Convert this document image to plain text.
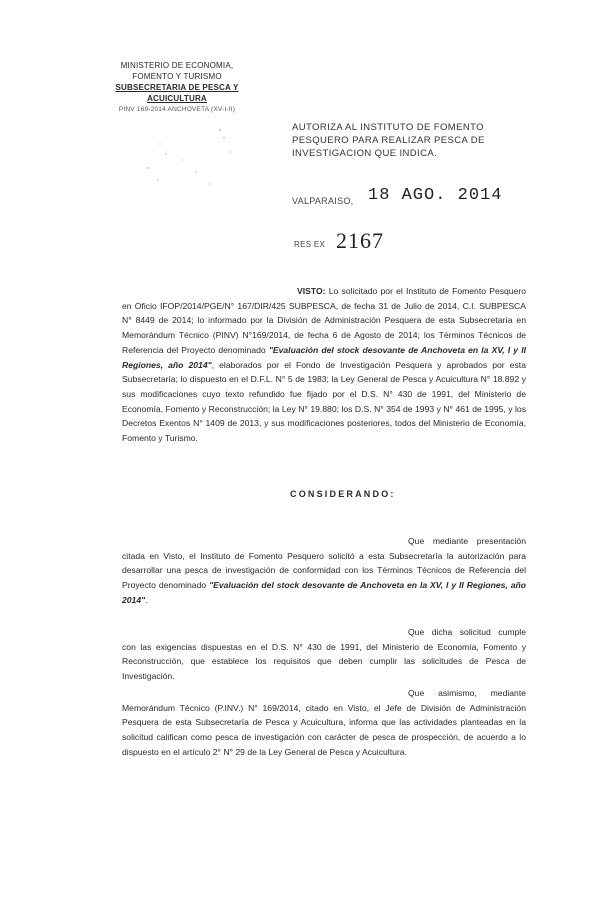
MINISTERIO DE ECONOMIA,
FOMENTO Y TURISMO
SUBSECRETARIA DE PESCA Y ACUICULTURA
PINV 169-2014 ANCHOVETA (XV-I-II)
AUTORIZA AL INSTITUTO DE FOMENTO PESQUERO PARA REALIZAR PESCA DE INVESTIGACION QUE INDICA.
VALPARAISO, 18 AGO. 2014
RES EX 2167
VISTO: Lo solicitado por el Instituto de Fomento Pesquero en Oficio IFOP/2014/PGE/N° 167/DIR/425 SUBPESCA, de fecha 31 de Julio de 2014, C.I. SUBPESCA N° 8449 de 2014; lo informado por la División de Administración Pesquera de esta Subsecretaría en Memorándum Técnico (PINV) N°169/2014, de fecha 6 de Agosto de 2014; los Términos Técnicos de Referencia del Proyecto denominado "Evaluación del stock desovante de Anchoveta en la XV, I y II Regiones, año 2014", elaborados por el Fondo de Investigación Pesquera y aprobados por esta Subsecretaría; lo dispuesto en el D.F.L. N° 5 de 1983; la Ley General de Pesca y Acuicultura N° 18.892 y sus modificaciones cuyo texto refundido fue fijado por el D.S. N° 430 de 1991, del Ministerio de Economía, Fomento y Reconstrucción; la Ley N° 19.880; los D.S. N° 354 de 1993 y N° 461 de 1995, y los Decretos Exentos N° 1409 de 2013, y sus modificaciones posteriores, todos del Ministerio de Economía, Fomento y Turismo.
CONSIDERANDO:
Que mediante presentación citada en Visto, el Instituto de Fomento Pesquero solicitó a esta Subsecretaría la autorización para desarrollar una pesca de investigación de conformidad con los Términos Técnicos de Referencia del Proyecto denominado "Evaluación del stock desovante de Anchoveta en la XV, I y II Regiones, año 2014".
Que dicha solicitud cumple con las exigencias dispuestas en el D.S. N° 430 de 1991, del Ministerio de Economía, Fomento y Reconstrucción, que establece los requisitos que deben cumplir las solicitudes de Pesca de Investigación.
Que asimismo, mediante Memorándum Técnico (P.INV.) N° 169/2014, citado en Visto, el Jefe de División de Administración Pesquera de esta Subsecretaría de Pesca y Acuicultura, informa que las actividades planteadas en la solicitud califican como pesca de investigación con carácter de pesca de prospección, de acuerdo a lo dispuesto en el artículo 2° N° 29 de la Ley General de Pesca y Acuicultura.
